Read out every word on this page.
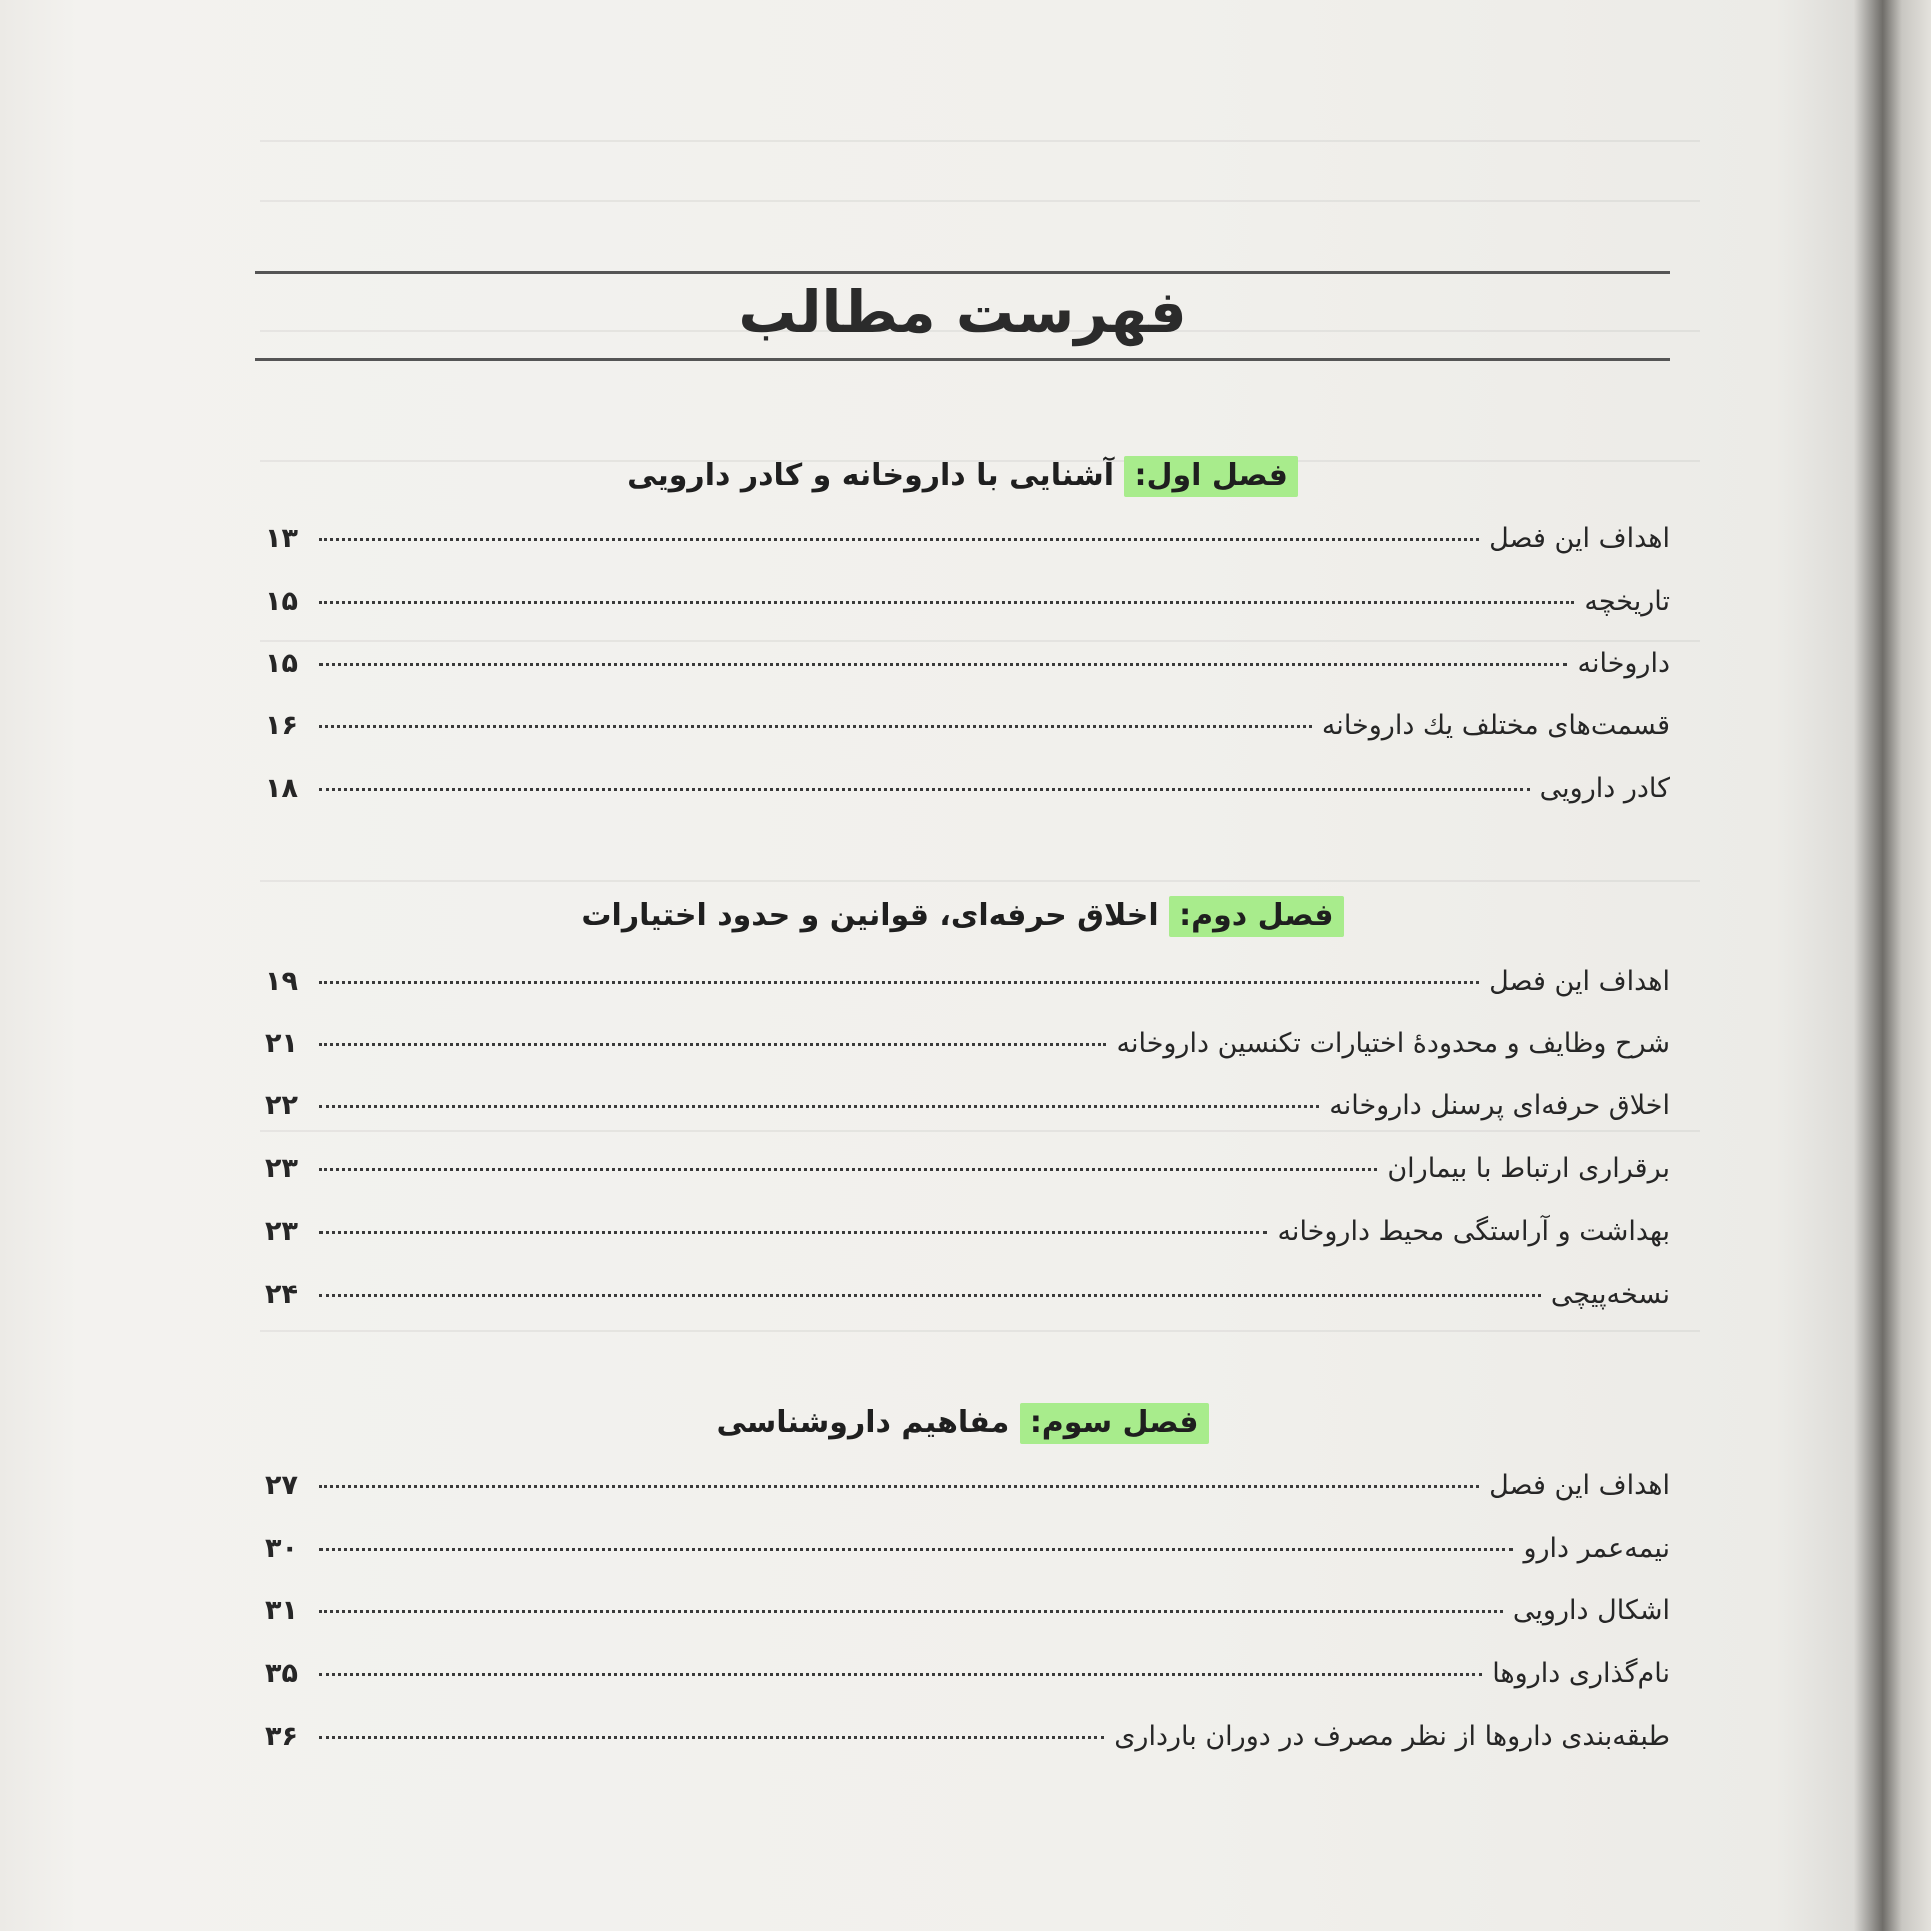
فهرست مطالب
فصل اول: آشنایی با داروخانه و کادر دارویی
اهداف این فصل
۱۳
تاریخچه
۱۵
داروخانه
۱۵
قسمت‌های مختلف يك داروخانه
۱۶
کادر دارویی
۱۸
فصل دوم: اخلاق حرفه‌ای، قوانین و حدود اختیارات
اهداف این فصل
۱۹
شرح وظایف و محدودهٔ اختیارات تکنسین داروخانه
۲۱
اخلاق حرفه‌ای پرسنل داروخانه
۲۲
برقراری ارتباط با بیماران
۲۳
بهداشت و آراستگی محیط داروخانه
۲۳
نسخه‌پیچی
۲۴
فصل سوم: مفاهیم داروشناسی
اهداف این فصل
۲۷
نیمه‌عمر دارو
۳۰
اشکال دارویی
۳۱
نام‌گذاری داروها
۳۵
طبقه‌بندی داروها از نظر مصرف در دوران بارداری
۳۶
